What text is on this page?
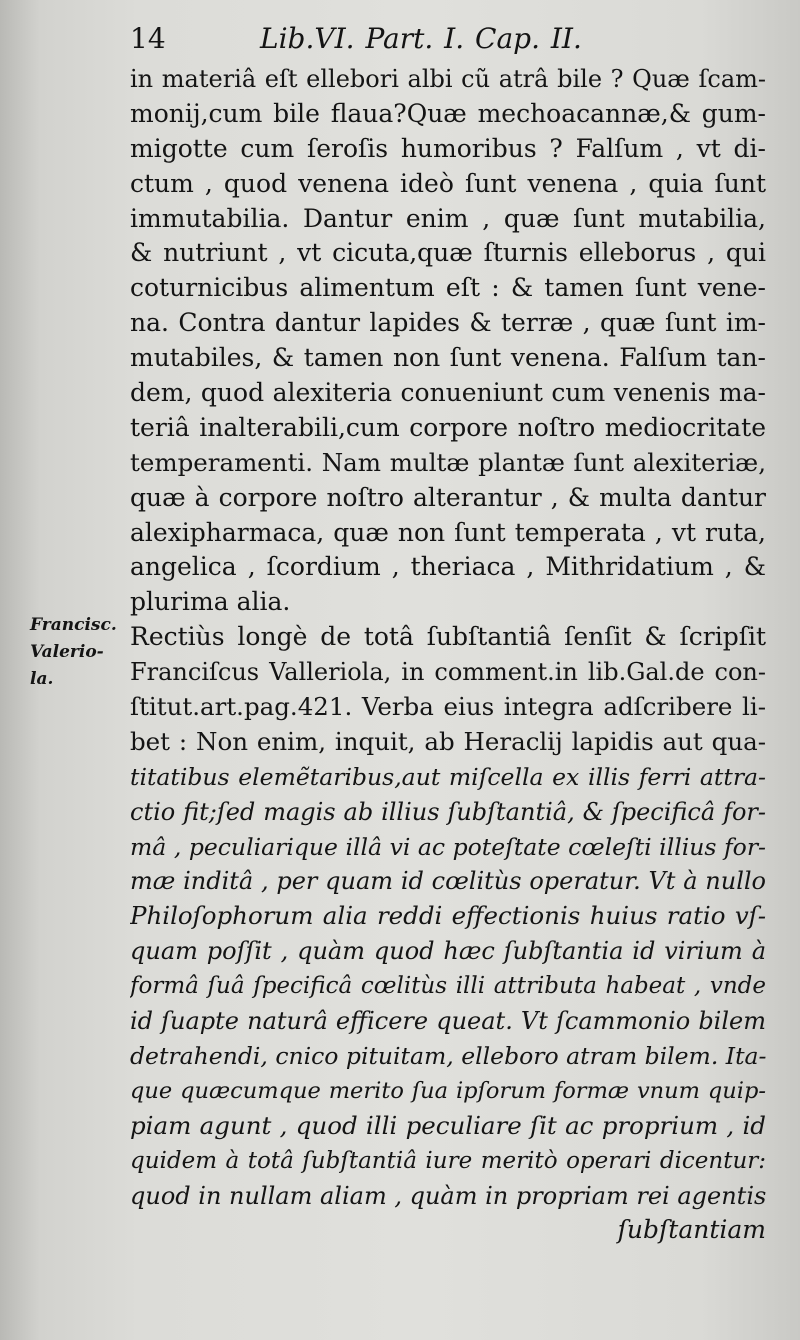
14	Lib.VI. Part. I. Cap. II.
Francisc.
Valerio-
la.
in materiâ eſt ellebori albi cũ atrâ bile ? Quæ ſcam-
monij,cum bile flaua?Quæ mechoacannæ,& gum-
migotte cum ſeroſis humoribus ? Falſum , vt di-
ctum , quod venena ideò ſunt venena , quia ſunt
immutabilia. Dantur enim , quæ ſunt mutabilia,
& nutriunt , vt cicuta,quæ ſturnis elleborus , qui
coturnicibus alimentum eſt : & tamen ſunt vene-
na. Contra dantur lapides & terræ , quæ ſunt im-
mutabiles, & tamen non ſunt venena. Falſum tan-
dem, quod alexiteria conueniunt cum venenis ma-
teriâ inalterabili,cum corpore noſtro mediocritate
temperamenti. Nam multæ plantæ ſunt alexiteriæ,
quæ à corpore noſtro alterantur , & multa dantur
alexipharmaca, quæ non ſunt temperata , vt ruta,
angelica , ſcordium , theriaca , Mithridatium , &
plurima alia.
Rectiùs longè de totâ ſubſtantiâ ſenſit & ſcripſit
Franciſcus Valleriola, in comment.in lib.Gal.de con-
ſtitut.art.pag.421. Verba eius integra adſcribere li-
bet : Non enim, inquit, ab Heraclij lapidis aut qua-
titatibus elemẽtaribus,aut miſcella ex illis ferri attra-
ctio fit;ſed magis ab illius ſubſtantiâ, & ſpecificâ for-
mâ , peculiarique illâ vi ac poteſtate cœleſti illius for-
mæ inditâ , per quam id cœlitùs operatur. Vt à nullo
Philoſophorum alia reddi effectionis huius ratio vſ-
quam poſſit , quàm quod hæc ſubſtantia id virium à
formâ ſuâ ſpecificâ cœlitùs illi attributa habeat , vnde
id ſuapte naturâ efficere queat. Vt ſcammonio bilem
detrahendi, cnico pituitam, elleboro atram bilem. Ita-
que quæcumque merito ſua ipſorum formæ vnum quip-
piam agunt , quod illi peculiare ſit ac proprium , id
quidem à totâ ſubſtantiâ iure meritò operari dicentur:
quod in nullam aliam , quàm in propriam rei agentis
ſubſtantiam
